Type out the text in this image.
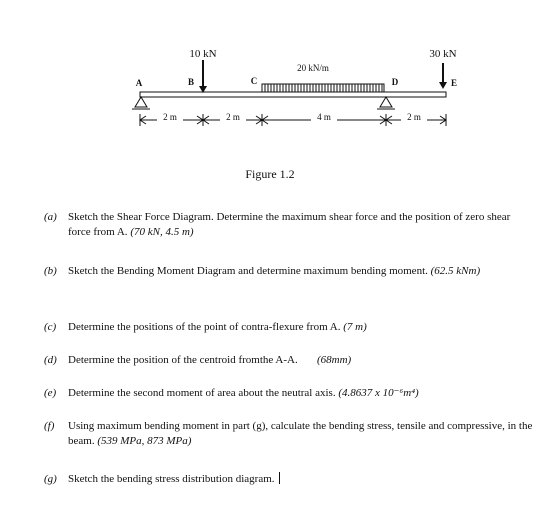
10 kN
20 kN/m
30 kN
A	B	C	D	E
2 m	2 m	4 m	2 m
Figure 1.2
(a) Sketch the Shear Force Diagram. Determine the maximum shear force and the position of zero shear force from A. (70 kN, 4.5 m)
(b) Sketch the Bending Moment Diagram and determine maximum bending moment. (62.5 kNm)
(c) Determine the positions of the point of contra-flexure from A. (7 m)
(d) Determine the position of the centroid fromthe A-A. (68mm)
(e) Determine the second moment of area about the neutral axis. (4.8637 x 10⁻⁶m⁴)
(f) Using maximum bending moment in part (g), calculate the bending stress, tensile and compressive, in the beam. (539 MPa, 873 MPa)
(g) Sketch the bending stress distribution diagram.
